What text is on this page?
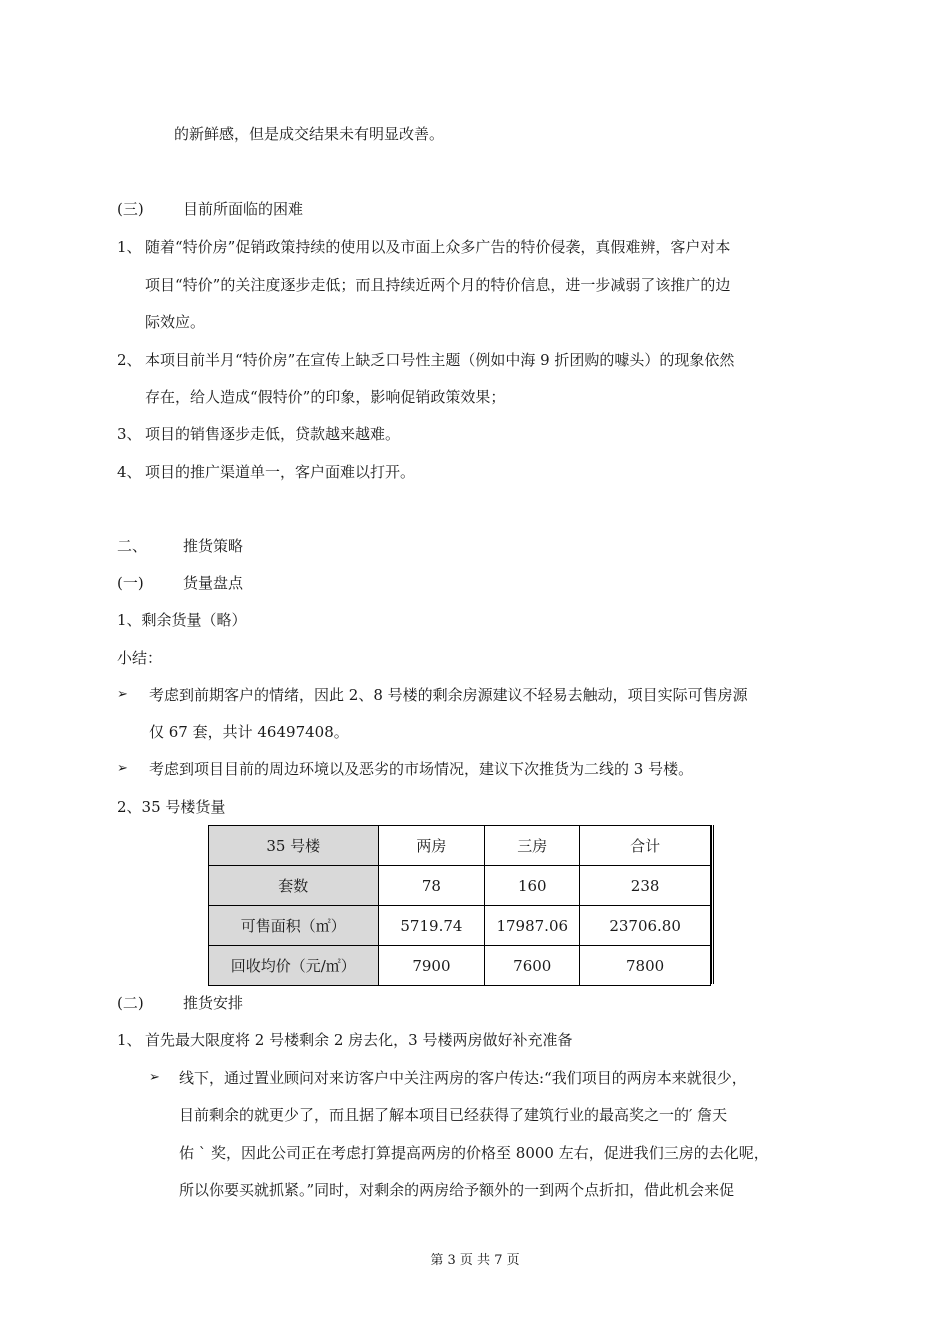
的新鲜感，但是成交结果未有明显改善。
(三)	目前所面临的困难
1、 随着“特价房”促销政策持续的使用以及市面上众多广告的特价侵袭，真假难辨，客户对本
项目“特价”的关注度逐步走低；而且持续近两个月的特价信息，进一步减弱了该推广的边
际效应。
2、 本项目前半月“特价房”在宣传上缺乏口号性主题（例如中海 9 折团购的噱头）的现象依然
存在，给人造成“假特价”的印象，影响促销政策效果；
3、 项目的销售逐步走低，贷款越来越难。
4、 项目的推广渠道单一，客户面难以打开。
二、 推货策略
(一)	货量盘点
1、剩余货量（略）
小结：
➢ 考虑到前期客户的情绪，因此 2、8 号楼的剩余房源建议不轻易去触动，项目实际可售房源
仅 67 套，共计 46497408。
➢ 考虑到项目目前的周边环境以及恶劣的市场情况，建议下次推货为二线的 3 号楼。
2、35 号楼货量
35 号楼	两房	三房	合计
套数	78	160	238
可售面积（㎡）	5719.74	17987.06	23706.80
回收均价（元/㎡）	7900	7600	7800
(二)	推货安排
1、 首先最大限度将 2 号楼剩余 2 房去化，3 号楼两房做好补充准备
➢ 线下，通过置业顾问对来访客户中关注两房的客户传达:“我们项目的两房本来就很少，
目前剩余的就更少了，而且据了解本项目已经获得了建筑行业的最高奖之一的′ 詹天
佑 ` 奖，因此公司正在考虑打算提高两房的价格至 8000 左右，促进我们三房的去化呢，
所以你要买就抓紧。”同时，对剩余的两房给予额外的一到两个点折扣，借此机会来促
第 3 页 共 7 页
